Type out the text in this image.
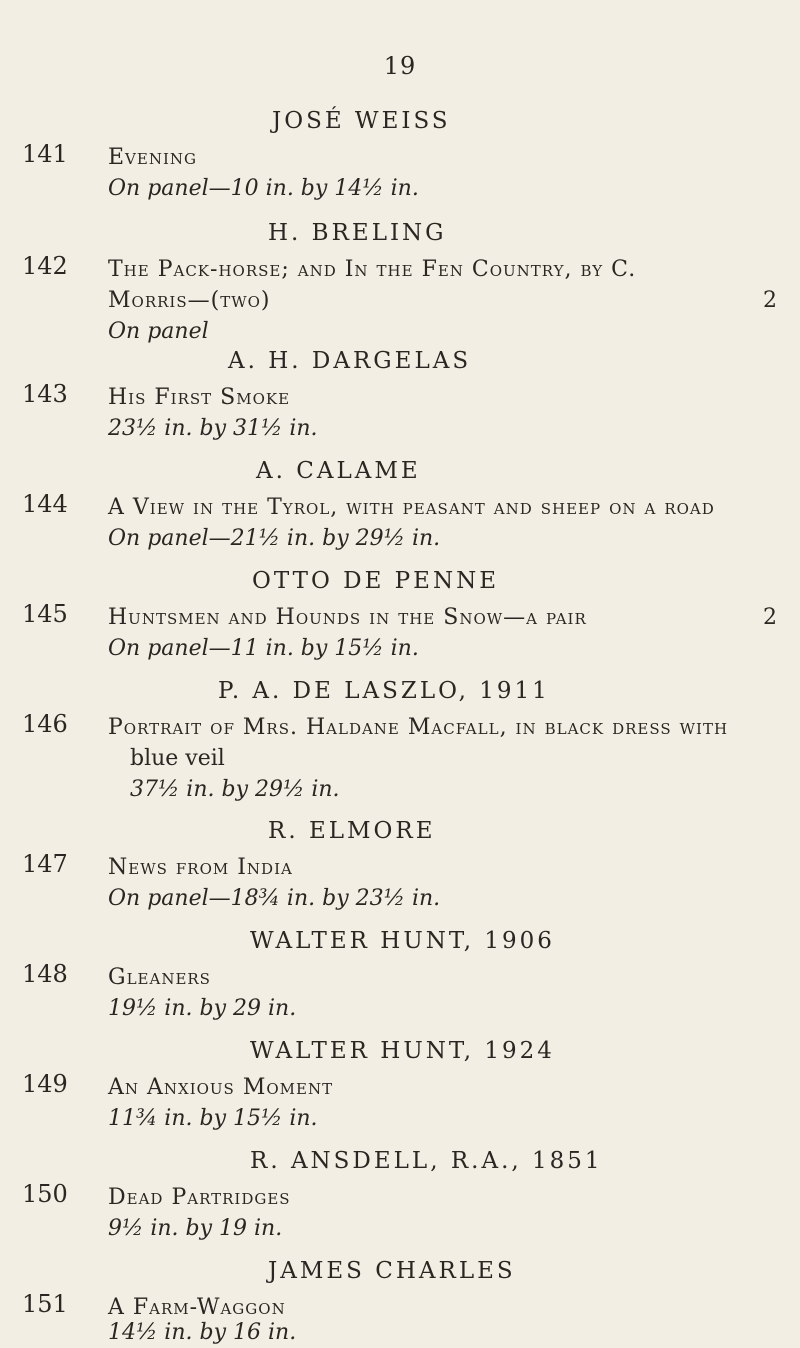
19
JOSÉ WEISS
141	Evening
On panel—10 in. by 14½ in.
H. BRELING
142	The Pack-horse; and In the Fen Country, by C.
Morris—(two)	2
On panel
A. H. DARGELAS
143	His First Smoke
23½ in. by 31½ in.
A. CALAME
144	A View in the Tyrol, with peasant and sheep on a road
On panel—21½ in. by 29½ in.
OTTO DE PENNE
145	Huntsmen and Hounds in the Snow—a pair	2
On panel—11 in. by 15½ in.
P. A. DE LASZLO, 1911
146	Portrait of Mrs. Haldane Macfall, in black dress with
blue veil
37½ in. by 29½ in.
R. ELMORE
147	News from India
On panel—18¾ in. by 23½ in.
WALTER HUNT, 1906
148	Gleaners
19½ in. by 29 in.
WALTER HUNT, 1924
149	An Anxious Moment
11¾ in. by 15½ in.
R. ANSDELL, R.A., 1851
150	Dead Partridges
9½ in. by 19 in.
JAMES CHARLES
151	A Farm-Waggon
14½ in. by 16 in.
